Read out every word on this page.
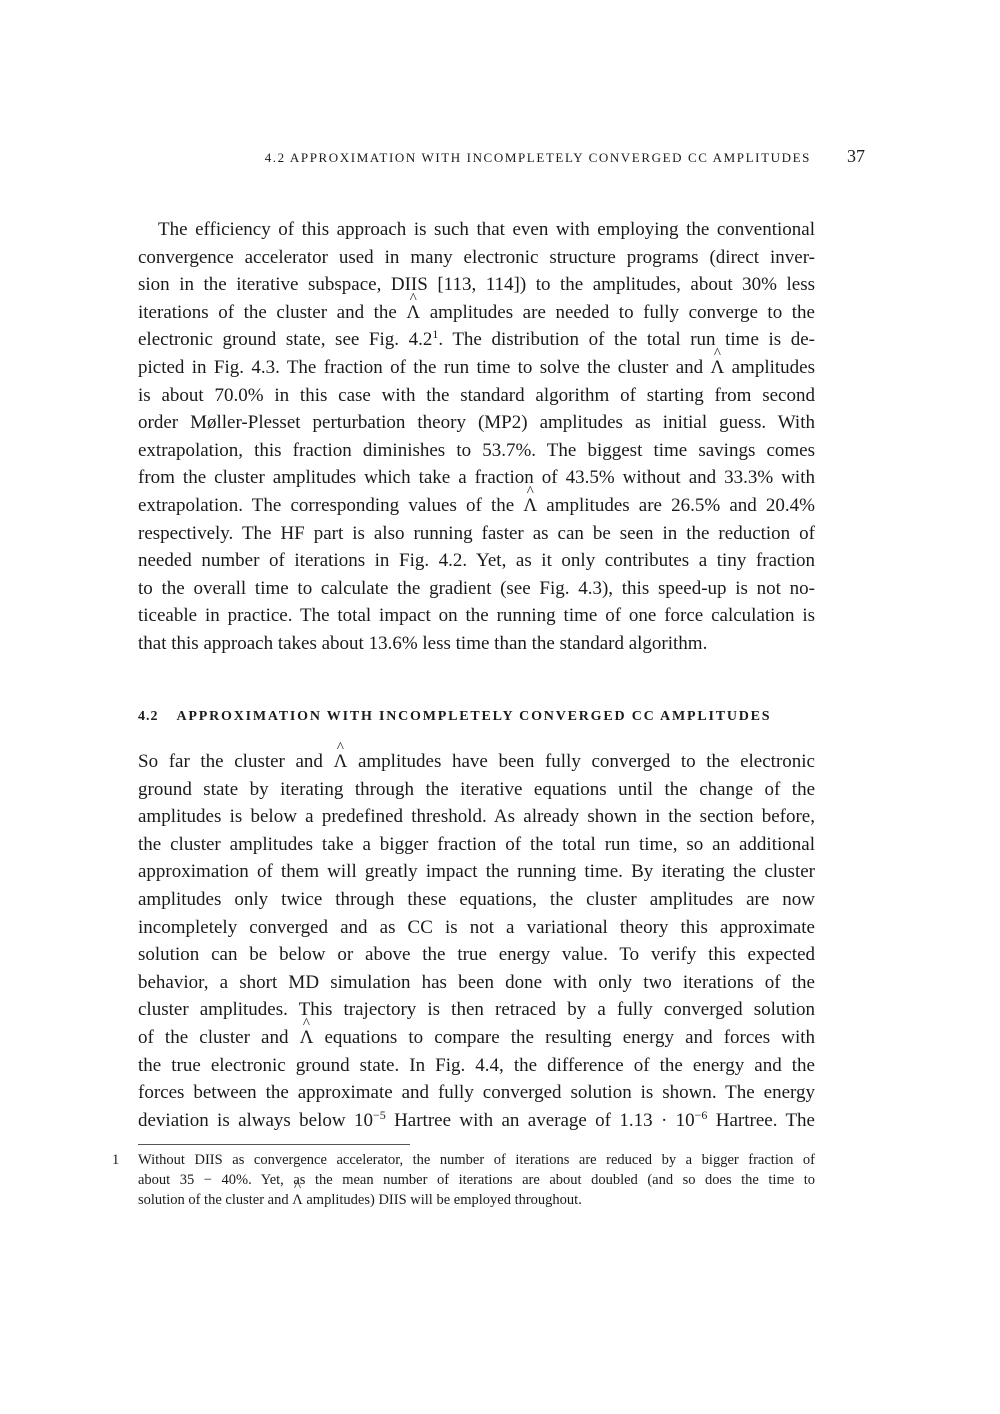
4.2 APPROXIMATION WITH INCOMPLETELY CONVERGED CC AMPLITUDES 37
The efficiency of this approach is such that even with employing the conventional
convergence accelerator used in many electronic structure programs (direct inver-
sion in the iterative subspace, DIIS [113, 114]) to the amplitudes, about 30% less
iterations of the cluster and the ^ Λ amplitudes are needed to fully converge to the
electronic ground state, see Fig. $4.2^1$. The distribution of the total run time is de-
picted in Fig. 4.3. The fraction of the run time to solve the cluster and ^ Λ amplitudes
is about 70.0% in this case with the standard algorithm of starting from second
order Møller-Plesset perturbation theory (MP2) amplitudes as initial guess. With
extrapolation, this fraction diminishes to 53.7%. The biggest time savings comes
from the cluster amplitudes which take a fraction of 43.5% without and 33.3% with
extrapolation. The corresponding values of the ^ Λ amplitudes are 26.5% and 20.4%
respectively. The HF part is also running faster as can be seen in the reduction of
needed number of iterations in Fig. 4.2. Yet, as it only contributes a tiny fraction
to the overall time to calculate the gradient (see Fig. 4.3), this speed-up is not no-
ticeable in practice. The total impact on the running time of one force calculation is
that this approach takes about 13.6% less time than the standard algorithm.
4.2 APPROXIMATION WITH INCOMPLETELY CONVERGED CC AMPLITUDES
So far the cluster and ^ Λ amplitudes have been fully converged to the electronic
ground state by iterating through the iterative equations until the change of the
amplitudes is below a predefined threshold. As already shown in the section before,
the cluster amplitudes take a bigger fraction of the total run time, so an additional
approximation of them will greatly impact the running time. By iterating the cluster
amplitudes only twice through these equations, the cluster amplitudes are now
incompletely converged and as CC is not a variational theory this approximate
solution can be below or above the true energy value. To verify this expected
behavior, a short MD simulation has been done with only two iterations of the
cluster amplitudes. This trajectory is then retraced by a fully converged solution
of the cluster and ^ Λ equations to compare the resulting energy and forces with
the true electronic ground state. In Fig. 4.4, the difference of the energy and the
forces between the approximate and fully converged solution is shown. The energy
deviation is always below $10^{-5}$ Hartree with an average of $1.13 \cdot 10^{-6}$ Hartree. The
1 Without DIIS as convergence accelerator, the number of iterations are reduced by a bigger fraction of
about 35 − 40%. Yet, as the mean number of iterations are about doubled (and so does the time to
solution of the cluster and ^ Λ amplitudes) DIIS will be employed throughout.
